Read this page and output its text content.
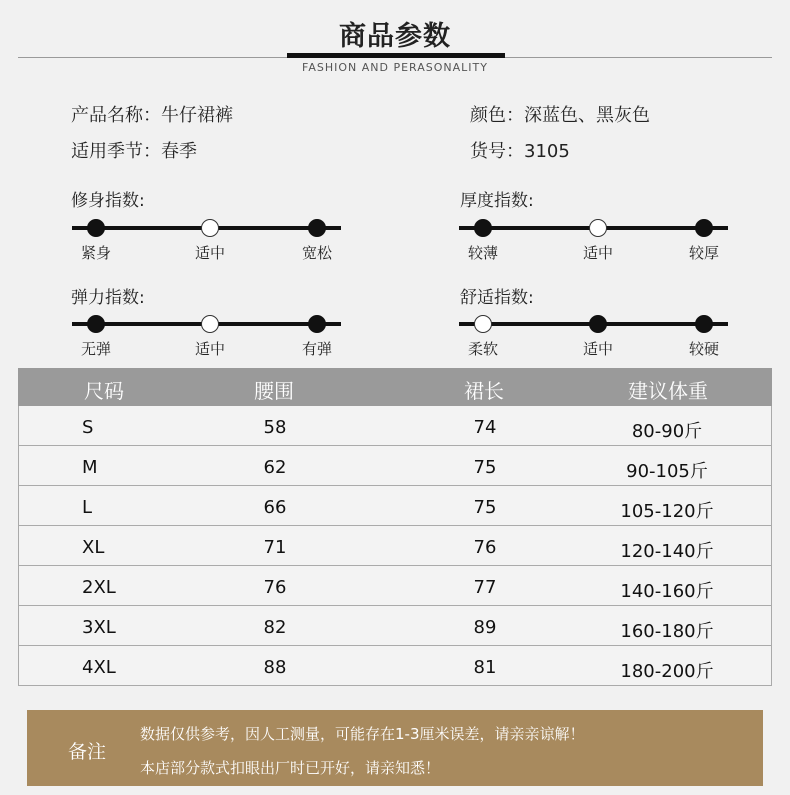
商品参数
FASHION AND PERASONALITY
产品名称：牛仔裙裤	颜色：深蓝色、黑灰色
适用季节：春季	货号：3105
修身指数:
紧身	适中	宽松
厚度指数:
较薄	适中	较厚
弹力指数:
无弹	适中	有弹
舒适指数:
柔软	适中	较硬
尺码	腰围	裙长	建议体重
S	58	74	80-90斤
M	62	75	90-105斤
L	66	75	105-120斤
XL	71	76	120-140斤
2XL	76	77	140-160斤
3XL	82	89	160-180斤
4XL	88	81	180-200斤
备注
数据仅供参考，因人工测量，可能存在1-3厘米误差，请亲亲谅解！
本店部分款式扣眼出厂时已开好，请亲知悉！
